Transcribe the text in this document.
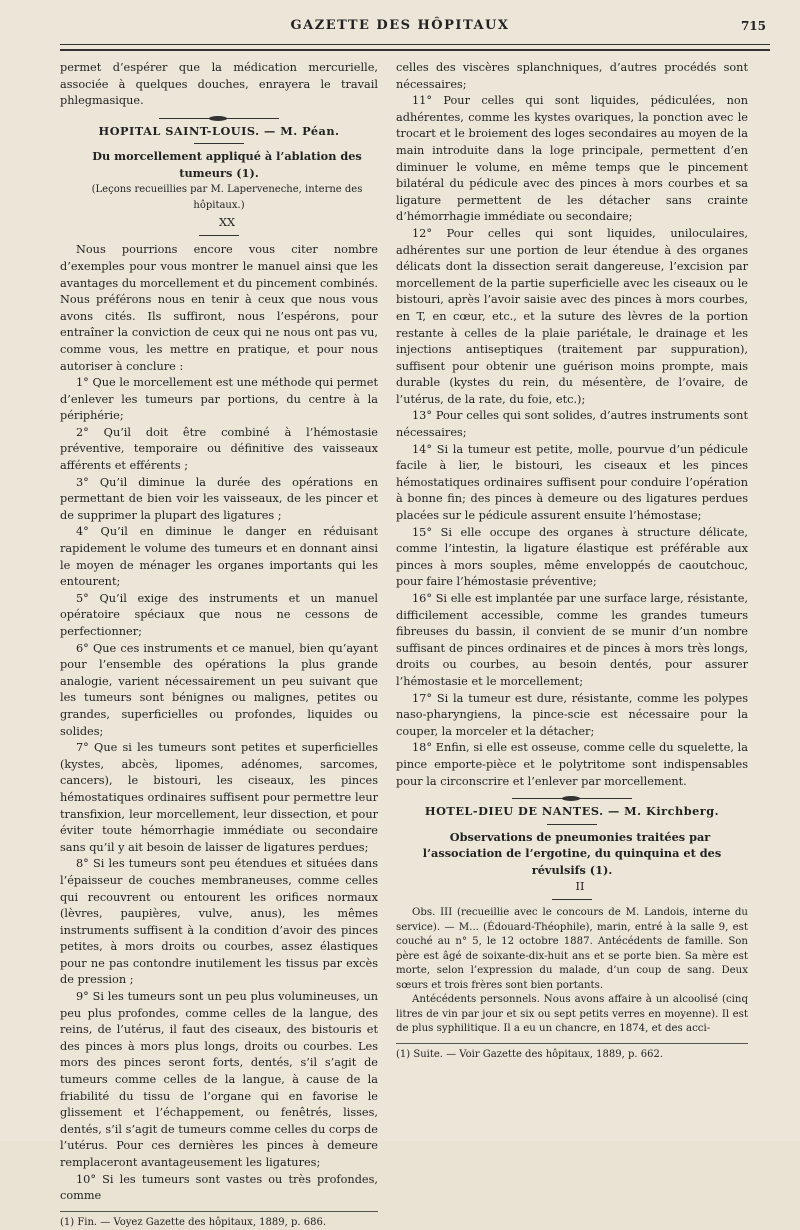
GAZETTE DES HÔPITAUX	715

permet d’espérer que la médication mercurielle, associée à quelques douches, enrayera le travail phlegmasique.

HOPITAL SAINT-LOUIS. — M. Péan.

Du morcellement appliqué à l’ablation des tumeurs (1).

(Leçons recueillies par M. Laperveneche, interne des hôpitaux.)

XX

Nous pourrions encore vous citer nombre d’exemples pour vous montrer le manuel ainsi que les avantages du morcellement et du pincement combinés. Nous préférons nous en tenir à ceux que nous vous avons cités. Ils suffiront, nous l’espérons, pour entraîner la conviction de ceux qui ne nous ont pas vu, comme vous, les mettre en pratique, et pour nous autoriser à conclure :

1° Que le morcellement est une méthode qui permet d’enlever les tumeurs par portions, du centre à la périphérie;

2° Qu’il doit être combiné à l’hémostasie préventive, temporaire ou définitive des vaisseaux afférents et efférents ;

3° Qu’il diminue la durée des opérations en permettant de bien voir les vaisseaux, de les pincer et de supprimer la plupart des ligatures ;

4° Qu’il en diminue le danger en réduisant rapidement le volume des tumeurs et en donnant ainsi le moyen de ménager les organes importants qui les entourent;

5° Qu’il exige des instruments et un manuel opératoire spéciaux que nous ne cessons de perfectionner;

6° Que ces instruments et ce manuel, bien qu’ayant pour l’ensemble des opérations la plus grande analogie, varient nécessairement un peu suivant que les tumeurs sont bénignes ou malignes, petites ou grandes, superficielles ou profondes, liquides ou solides;

7° Que si les tumeurs sont petites et superficielles (kystes, abcès, lipomes, adénomes, sarcomes, cancers), le bistouri, les ciseaux, les pinces hémostatiques ordinaires suffisent pour permettre leur transfixion, leur morcellement, leur dissection, et pour éviter toute hémorrhagie immédiate ou secondaire sans qu’il y ait besoin de laisser de ligatures perdues;

8° Si les tumeurs sont peu étendues et situées dans l’épaisseur de couches membraneuses, comme celles qui recouvrent ou entourent les orifices normaux (lèvres, paupières, vulve, anus), les mêmes instruments suffisent à la condition d’avoir des pinces petites, à mors droits ou courbes, assez élastiques pour ne pas contondre inutilement les tissus par excès de pression ;

9° Si les tumeurs sont un peu plus volumineuses, un peu plus profondes, comme celles de la langue, des reins, de l’utérus, il faut des ciseaux, des bistouris et des pinces à mors plus longs, droits ou courbes. Les mors des pinces seront forts, dentés, s’il s’agit de tumeurs comme celles de la langue, à cause de la friabilité du tissu de l’organe qui en favorise le glissement et l’échappement, ou fenêtrés, lisses, dentés, s’il s’agit de tumeurs comme celles du corps de l’utérus. Pour ces dernières les pinces à demeure remplaceront avantageusement les ligatures;

10° Si les tumeurs sont vastes ou très profondes, comme

(1) Fin. — Voyez Gazette des hôpitaux, 1889, p. 686.

celles des viscères splanchniques, d’autres procédés sont nécessaires;

11° Pour celles qui sont liquides, pédiculées, non adhérentes, comme les kystes ovariques, la ponction avec le trocart et le broiement des loges secondaires au moyen de la main introduite dans la loge principale, permettent d’en diminuer le volume, en même temps que le pincement bilatéral du pédicule avec des pinces à mors courbes et sa ligature permettent de les détacher sans crainte d’hémorrhagie immédiate ou secondaire;

12° Pour celles qui sont liquides, uniloculaires, adhérentes sur une portion de leur étendue à des organes délicats dont la dissection serait dangereuse, l’excision par morcellement de la partie superficielle avec les ciseaux ou le bistouri, après l’avoir saisie avec des pinces à mors courbes, en T, en cœur, etc., et la suture des lèvres de la portion restante à celles de la plaie pariétale, le drainage et les injections antiseptiques (traitement par suppuration), suffisent pour obtenir une guérison moins prompte, mais durable (kystes du rein, du mésentère, de l’ovaire, de l’utérus, de la rate, du foie, etc.);

13° Pour celles qui sont solides, d’autres instruments sont nécessaires;

14° Si la tumeur est petite, molle, pourvue d’un pédicule facile à lier, le bistouri, les ciseaux et les pinces hémostatiques ordinaires suffisent pour conduire l’opération à bonne fin; des pinces à demeure ou des ligatures perdues placées sur le pédicule assurent ensuite l’hémostase;

15° Si elle occupe des organes à structure délicate, comme l’intestin, la ligature élastique est préférable aux pinces à mors souples, même enveloppés de caoutchouc, pour faire l’hémostasie préventive;

16° Si elle est implantée par une surface large, résistante, difficilement accessible, comme les grandes tumeurs fibreuses du bassin, il convient de se munir d’un nombre suffisant de pinces ordinaires et de pinces à mors très longs, droits ou courbes, au besoin dentés, pour assurer l’hémostasie et le morcellement;

17° Si la tumeur est dure, résistante, comme les polypes naso-pharyngiens, la pince-scie est nécessaire pour la couper, la morceler et la détacher;

18° Enfin, si elle est osseuse, comme celle du squelette, la pince emporte-pièce et le polytritome sont indispensables pour la circonscrire et l’enlever par morcellement.

HOTEL-DIEU DE NANTES. — M. Kirchberg.

Observations de pneumonies traitées par l’association de l’ergotine, du quinquina et des révulsifs (1).

II

Obs. III (recueillie avec le concours de M. Landois, interne du service). — M... (Édouard-Théophile), marin, entré à la salle 9, est couché au n° 5, le 12 octobre 1887. Antécédents de famille. Son père est âgé de soixante-dix-huit ans et se porte bien. Sa mère est morte, selon l’expression du malade, d’un coup de sang. Deux sœurs et trois frères sont bien portants.

Antécédents personnels. Nous avons affaire à un alcoolisé (cinq litres de vin par jour et six ou sept petits verres en moyenne). Il est de plus syphilitique. Il a eu un chancre, en 1874, et des acci-

(1) Suite. — Voir Gazette des hôpitaux, 1889, p. 662.
